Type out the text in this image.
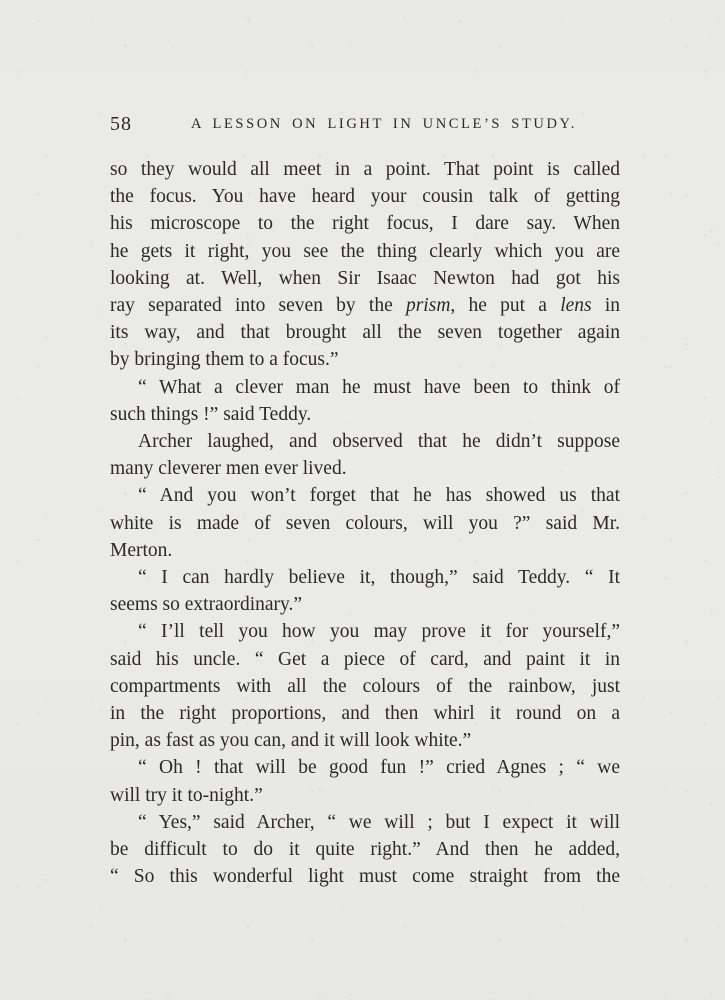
58	A LESSON ON LIGHT IN UNCLE’S STUDY.
so they would all meet in a point. That point is called
the focus. You have heard your cousin talk of getting
his microscope to the right focus, I dare say. When
he gets it right, you see the thing clearly which you are
looking at. Well, when Sir Isaac Newton had got his
ray separated into seven by the prism, he put a lens in
its way, and that brought all the seven together again
by bringing them to a focus.”
“ What a clever man he must have been to think of
such things !” said Teddy.
Archer laughed, and observed that he didn’t suppose
many cleverer men ever lived.
“ And you won’t forget that he has showed us that
white is made of seven colours, will you ?” said Mr.
Merton.
“ I can hardly believe it, though,” said Teddy. “ It
seems so extraordinary.”
“ I’ll tell you how you may prove it for yourself,”
said his uncle. “ Get a piece of card, and paint it in
compartments with all the colours of the rainbow, just
in the right proportions, and then whirl it round on a
pin, as fast as you can, and it will look white.”
“ Oh ! that will be good fun !” cried Agnes ; “ we
will try it to-night.”
“ Yes,” said Archer, “ we will ; but I expect it will
be difficult to do it quite right.” And then he added,
“ So this wonderful light must come straight from the
